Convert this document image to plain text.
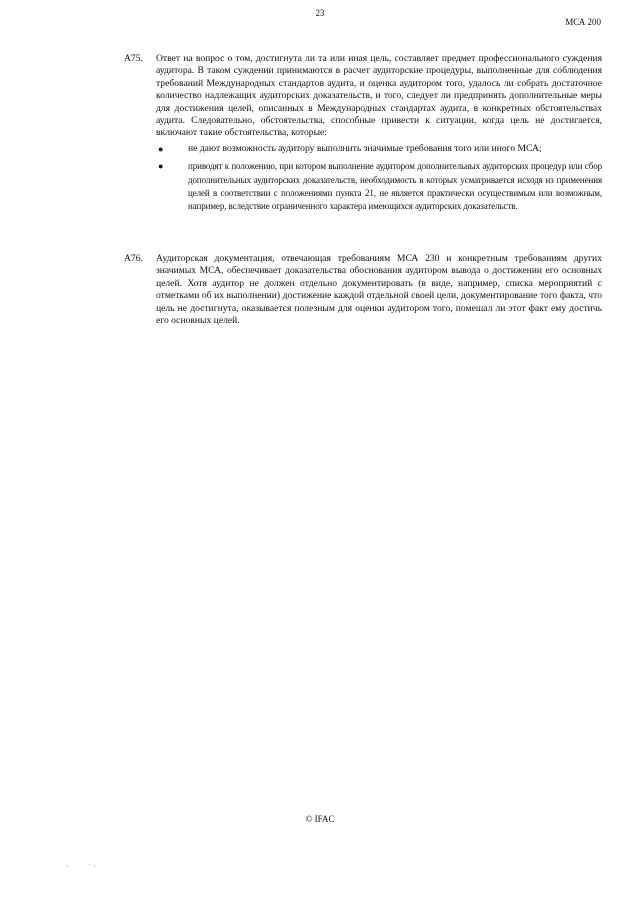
23
МСА 200
A75. Ответ на вопрос о том, достигнута ли та или иная цель, составляет предмет профессионального суждения аудитора. В таком суждении принимаются в расчет аудиторские процедуры, выполненные для соблюдения требований Международных стандартов аудита, и оценка аудитором того, удалось ли собрать достаточное количество надлежащих аудиторских доказательств, и того, следует ли предпринять дополнительные меры для достижения целей, описанных в Международных стандартах аудита, в конкретных обстоятельствах аудита. Следовательно, обстоятельства, способные привести к ситуации, когда цель не достигается, включают такие обстоятельства, которые:
●	не дают возможность аудитору выполнить значимые требования того или иного МСА;
●	приводят к положению, при котором выполнение аудитором дополнительных аудиторских процедур или сбор дополнительных аудиторских доказательств, необходимость в которых усматривается исходя из применения целей в соответствии с положениями пункта 21, не является практически осуществимым или возможным, например, вследствие ограниченного характера имеющихся аудиторских доказательств.
A76. Аудиторская документация, отвечающая требованиям МСА 230 и конкретным требованиям других значимых МСА, обеспечивает доказательства обоснования аудитором вывода о достижении его основных целей. Хотя аудитор не должен отдельно документировать (в виде, например, списка мероприятий с отметками об их выполнении) достижение каждой отдельной своей цели, документирование того факта, что цель не достигнута, оказывается полезным для оценки аудитором того, помешал ли этот факт ему достичь его основных целей.
© IFAC
·          ˙ ·
